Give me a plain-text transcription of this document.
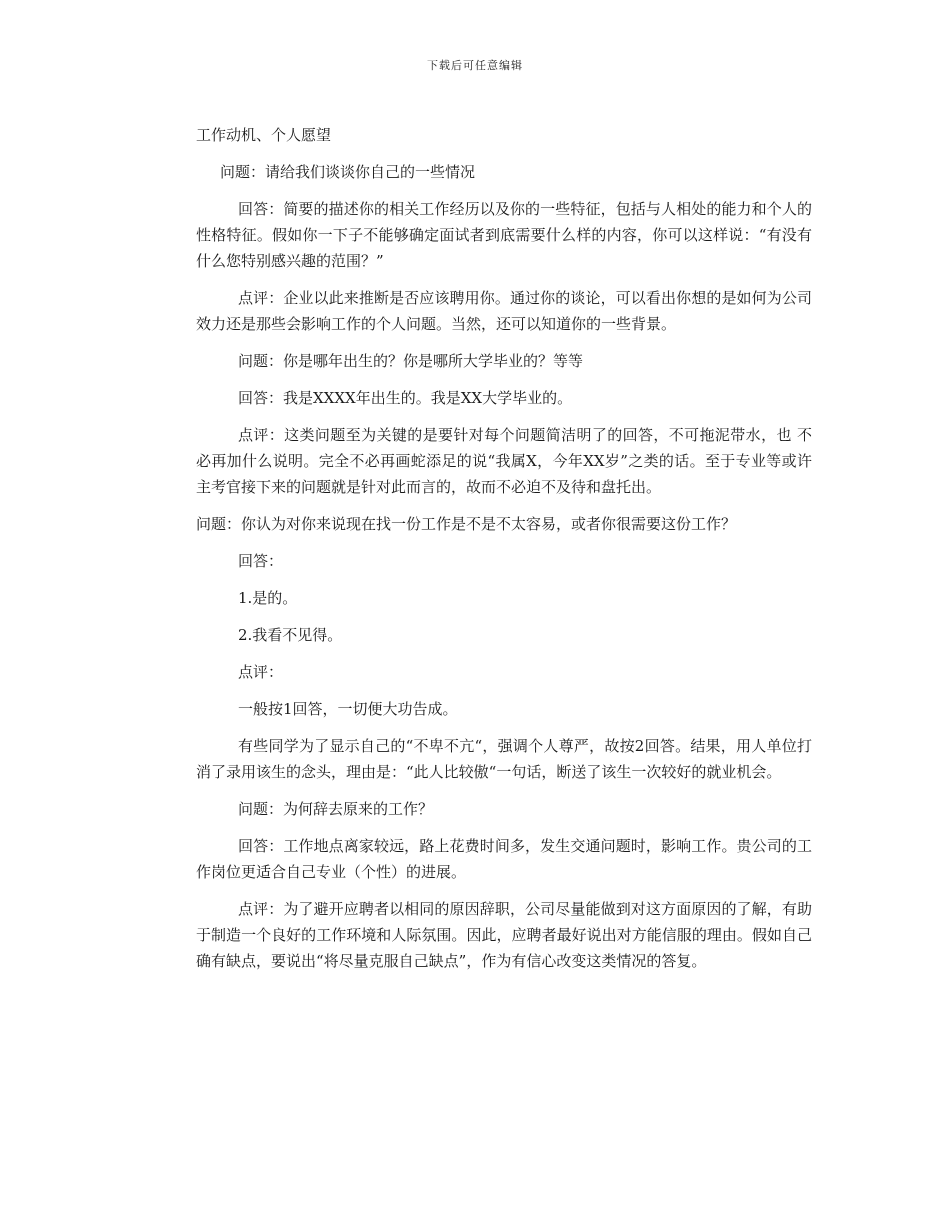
下载后可任意编辑

工作动机、个人愿望

问题：请给我们谈谈你自己的一些情况

回答：简要的描述你的相关工作经历以及你的一些特征，包括与人相处的能力和个人的性格特征。假如你一下子不能够确定面试者到底需要什么样的内容，你可以这样说：“有没有什么您特别感兴趣的范围？”

点评：企业以此来推断是否应该聘用你。通过你的谈论，可以看出你想的是如何为公司效力还是那些会影响工作的个人问题。当然，还可以知道你的一些背景。

问题：你是哪年出生的？你是哪所大学毕业的？等等

回答：我是XXXX年出生的。我是XX大学毕业的。

点评：这类问题至为关键的是要针对每个问题简洁明了的回答，不可拖泥带水，也 不必再加什么说明。完全不必再画蛇添足的说“我属X，今年XX岁”之类的话。至于专业等或许主考官接下来的问题就是针对此而言的，故而不必迫不及待和盘托出。

问题：你认为对你来说现在找一份工作是不是不太容易，或者你很需要这份工作？

回答：

1.是的。

2.我看不见得。

点评：

一般按1回答，一切便大功告成。

有些同学为了显示自己的“不卑不亢“，强调个人尊严，故按2回答。结果，用人单位打消了录用该生的念头，理由是：“此人比较傲“一句话，断送了该生一次较好的就业机会。

问题：为何辞去原来的工作？

回答：工作地点离家较远，路上花费时间多，发生交通问题时，影响工作。贵公司的工作岗位更适合自己专业（个性）的进展。

点评：为了避开应聘者以相同的原因辞职，公司尽量能做到对这方面原因的了解，有助于制造一个良好的工作环境和人际氛围。因此，应聘者最好说出对方能信服的理由。假如自己确有缺点，要说出“将尽量克服自己缺点”，作为有信心改变这类情况的答复。
